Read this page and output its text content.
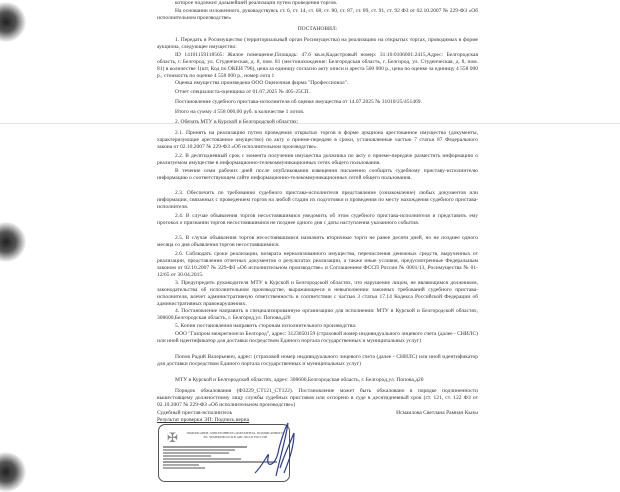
которое подлежит дальнейшей реализации путем проведения торгов.

На основании изложенного, руководствуясь ст. 6, ст. 14, ст. 68, ст. 80, ст. 87, ст. 89, ст. 91, ст. 92 ФЗ от 02.10.2007 № 229-ФЗ «Об исполнительном производстве»

ПОСТАНОВИЛ:

1. Передать в Росимущество (территориальный орган Росимущества) на реализацию на открытых торгах, проводимых в форме аукциона, следующее имущество:

ID 14101159118565: Жилое помещение,Площадь: 47.6 кв.м,Кадастровый номер: 31:16:0106001:2415,Адрес: Белгородская область, г. Белгород, ул. Студенческая, д. 8, пом. 81 (местонахождение: Белгородская область, г. Белгород, ул. Студенческая, д. 8, пом. 81) в количестве 1(шт, Код по ОКЕИ 796), цена за единицу согласно акту описи и ареста 500 000 р., цена по оценке за единицу 4 558 000 р., стоимость по оценке 4 558 000 р., номер лота 1

Оценка имущества произведена ООО Оценочная фирма "Профессионал".

Отчет специалиста-оценщика от 01.07.2025 № 405-25СП.

Постановление судебного пристава-исполнителя об оценке имущества от 14.07.2025 № 31010/25/451469.

Итого на сумму 4 558 000,00 руб. в количестве 1 лотов.

2. Обязать МТУ в Курской и Белгородской областях:

2.1. Принять на реализацию путем проведения открытых торгов в форме аукциона арестованное имущество (документы, характеризующие арестованное имущество) по акту о приеме-передаче в сроки, установленные частью 7 статьи 87 Федерального закона от 02.10.2007 № 229-ФЗ «Об исполнительном производстве».

2.2. В десятидневный срок с момента получения имущества должника по акту о приеме-передаче разместить информацию о реализуемом имуществе в информационно-телекоммуникационных сетях общего пользования.

В течение семи рабочих дней после опубликования извещения письменно сообщить судебному приставу-исполнителю информацию о соответствующем сайте информационно-телекоммуникационных сетей общего пользования.

2.3. Обеспечить по требованию судебного пристава-исполнителя представление (ознакомление) любых документов или информации, связанных с проведением торгов на любой стадии их подготовки и проведения по месту нахождения судебного пристава-исполнителя.

2.4. В случае объявления торгов несостоявшимися уведомить об этом судебного пристава-исполнителя и представить ему протокол о признании торгов несостоявшимися не позднее одного дня с даты наступления указанного события.

2.5. В случае объявления торгов несостоявшимися назначить вторичные торги не ранее десяти дней, но не позднее одного месяца со дня объявления торгов несостоявшимися.

2.6. Соблюдать сроки реализации, возврата нереализованного имущества, перечисления денежных средств, вырученных от реализации, представления отчетных документов о результатах реализации, а также иные условия, предусмотренные Федеральным законом от 02.10.2007 № 229-ФЗ «Об исполнительном производстве» и Соглашением ФССП России № 0001/13, Росимущества № 01-12/65 от 30.04.2015.

3. Предупредить руководителя МТУ в Курской и Белгородской областях, что нарушение лицом, не являющимся должником, законодательства об исполнительном производстве, выражающееся в невыполнении законных требований судебного пристава-исполнителя, влечет административную ответственность в соответствии с частью 3 статьи 17.14 Кодекса Российской Федерации об административных правонарушениях.

4. Постановление направить в специализированную организацию для исполнения: МТУ в Курской и Белгородской областях, 308600,Белгородская область, г. Белгород,ул. Попова,д20

5. Копии постановления направить сторонам исполнительного производства:

ООО "Газпром межрегионгаз Белгород", адрес: 3123050159 (страховой номер индивидуального лицевого счета (далее - СНИЛС) или иной идентификатор для доставки посредством Единого портала государственных и муниципальных услуг)

Попов Радий Валерьевич, адрес: (страховой номер индивидуального лицевого счета (далее - СНИЛС) или иной идентификатор для доставки посредством Единого портала государственных и муниципальных услуг)

МТУ в Курской и Белгородской областях, адрес: 308600,Белгородская область, г. Белгород,ул. Попова,д20

Порядок обжалования (ФЗ229_СТ121_СТ122). Постановление может быть обжаловано в порядке подчиненности вышестоящему должностному лицу службы судебных приставов или оспорено в суде в десятидневный срок (ст. 121, ст. 122 ФЗ от 02.10.2007 № 229-ФЗ «Об исполнительном производстве»)

Судебный пристав-исполнитель	Исмаилова Светлана Рамиан Кызы

Результат проверки ЭП: Подпись верна

✠	ПОДПИСАНИЕ ЭЛЕКТРОННОГО ДОКУМЕНТА, ПОДПИСАННОГО ЭП, ХРАНЯЩЕГОСЯ В АИС ФССП РОССИИ
